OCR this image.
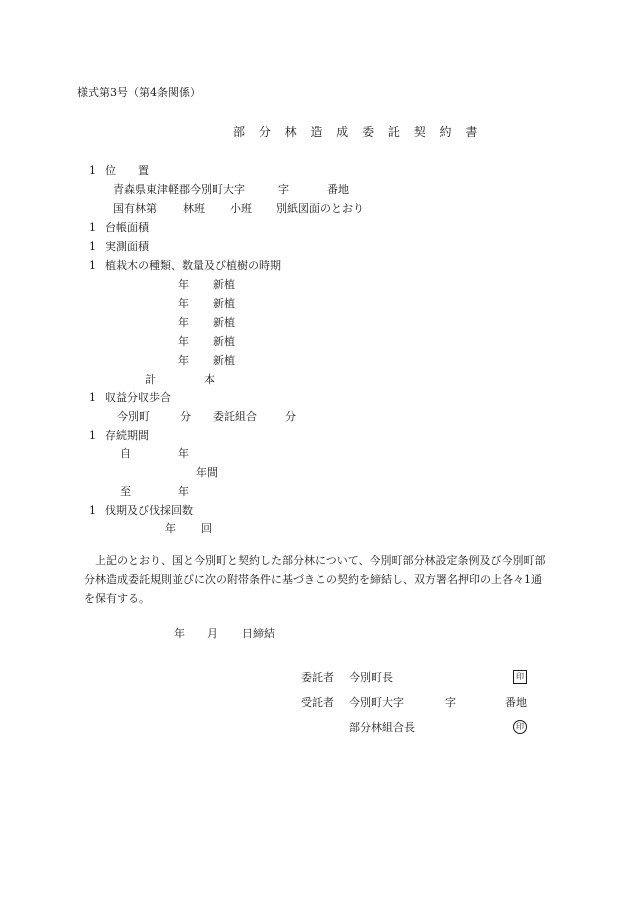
様式第3号（第4条関係）
部 分 林 造 成 委 託 契 約 書
1 位　　置
青森県東津軽郡今別町大字	字	番地
国有林第 林班 小班 別紙図面のとおり
1 台帳面積
1 実測面積
1 植栽木の種類、数量及び植樹の時期
年 新植
年 新植
年 新植
年 新植
年 新植
計	本
1 収益分収歩合
今別町	分 委託組合	分
1 存続期間
自	年
年間
至	年
1 伐期及び伐採回数
年 回
上記のとおり、国と今別町と契約した部分林について、今別町部分林設定条例及び今別町部分林造成委託規則並びに次の附帯条件に基づきこの契約を締結し、双方署名押印の上各々1通を保有する。
年 月 日締結
委託者 今別町長	印
受託者 今別町大字	字	番地
部分林組合長	印
